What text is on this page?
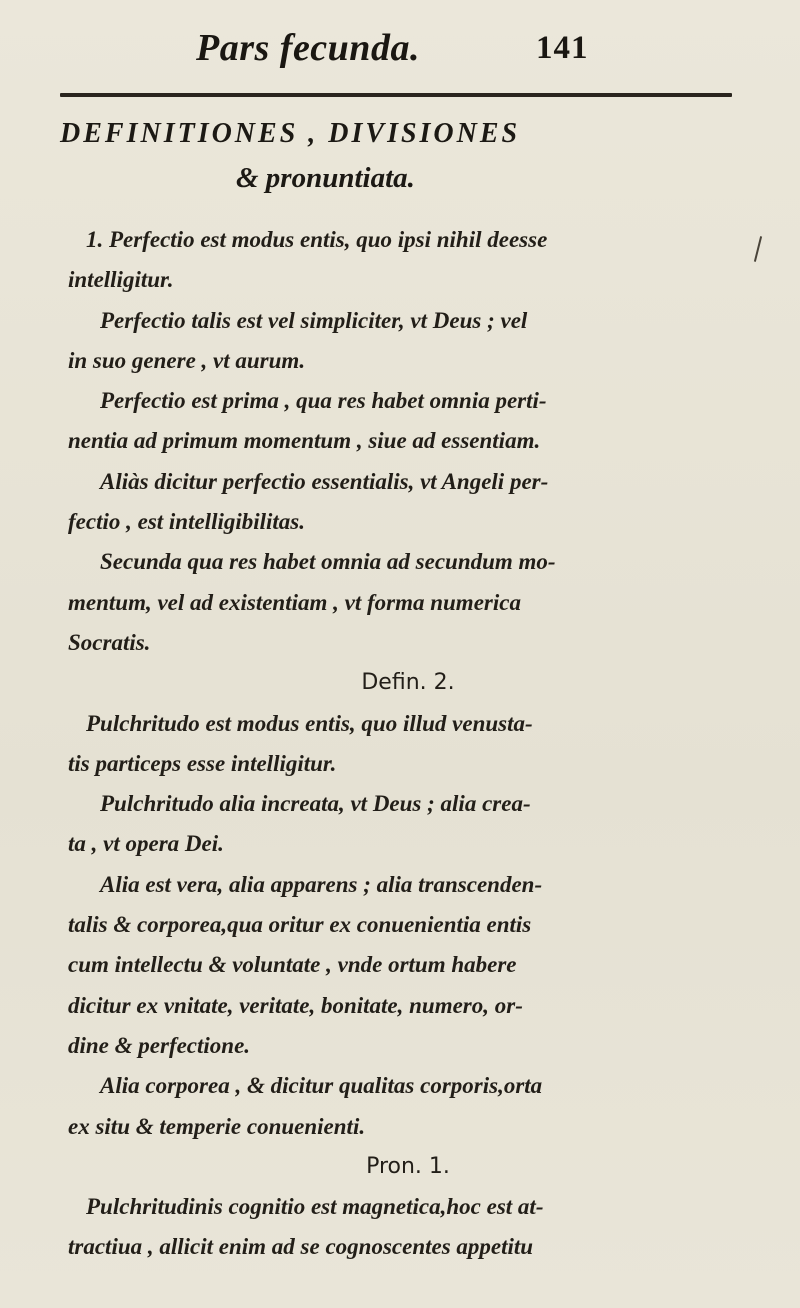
Pars fecunda.	141
DEFINITIONES , DIVISIONES
& pronuntiata.
1. Perfectio est modus entis, quo ipsi nihil deesse
intelligitur.
Perfectio talis est vel simpliciter, vt Deus ; vel
in suo genere , vt aurum.
Perfectio est prima , qua res habet omnia perti-
nentia ad primum momentum , siue ad essentiam.
Aliàs dicitur perfectio essentialis, vt Angeli per-
fectio , est intelligibilitas.
Secunda qua res habet omnia ad secundum mo-
mentum, vel ad existentiam , vt forma numerica
Socratis.
Defin. 2.
Pulchritudo est modus entis, quo illud venusta-
tis particeps esse intelligitur.
Pulchritudo alia increata, vt Deus ; alia crea-
ta , vt opera Dei.
Alia est vera, alia apparens ; alia transcenden-
talis & corporea,qua oritur ex conuenientia entis
cum intellectu & voluntate , vnde ortum habere
dicitur ex vnitate, veritate, bonitate, numero, or-
dine & perfectione.
Alia corporea , & dicitur qualitas corporis,orta
ex situ & temperie conuenienti.
Pron. 1.
Pulchritudinis cognitio est magnetica,hoc est at-
tractiua , allicit enim ad se cognoscentes appetitu
